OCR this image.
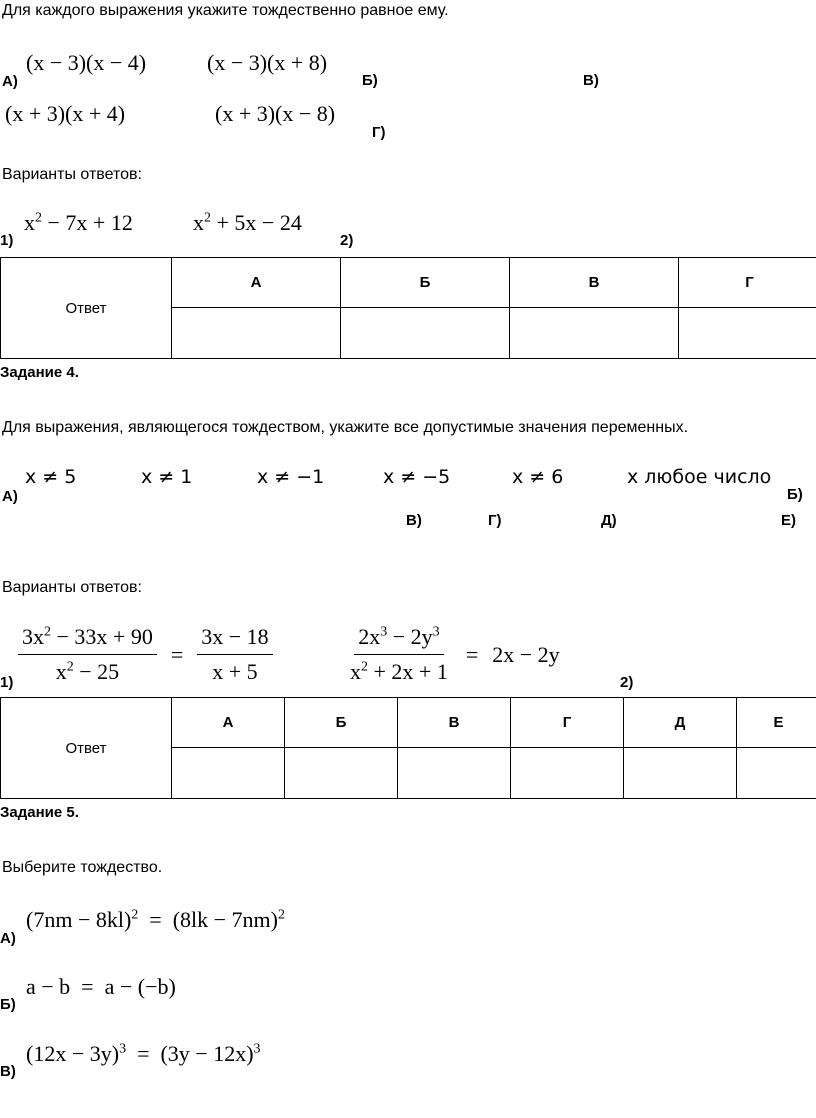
Для каждого выражения укажите тождественно равное ему.
(x − 3)(x − 4)	(x − 3)(x + 8)
А)	Б)	В)
(x + 3)(x + 4)	(x + 3)(x − 8)
Г)
Варианты ответов:
$x^2 - 7x + 12$	$x^2 + 5x - 24$
1)	2)
Ответ	А	Б	В	Г

Задание 4.
Для выражения, являющегося тождеством, укажите все допустимые значения переменных.
x ≠ 5	x ≠ 1	x ≠ −1	x ≠ −5	x ≠ 6	х любое число
А)	Б)
В)	Г)	Д)	Е)
Варианты ответов:
$\frac{3x^2 - 33x + 90}{x^2 - 25} = \frac{3x - 18}{x + 5}$	$\frac{2x^3 - 2y^3}{x^2 + 2x + 1} = 2x - 2y$
1)	2)
Ответ	А	Б	В	Г	Д	Е

Задание 5.
Выберите тождество.
$(7nm - 8kl)^2 = (8lk - 7nm)^2$
А)
a − b  =  a − (−b)
Б)
$(12x - 3y)^3 = (3y - 12x)^3$
В)
